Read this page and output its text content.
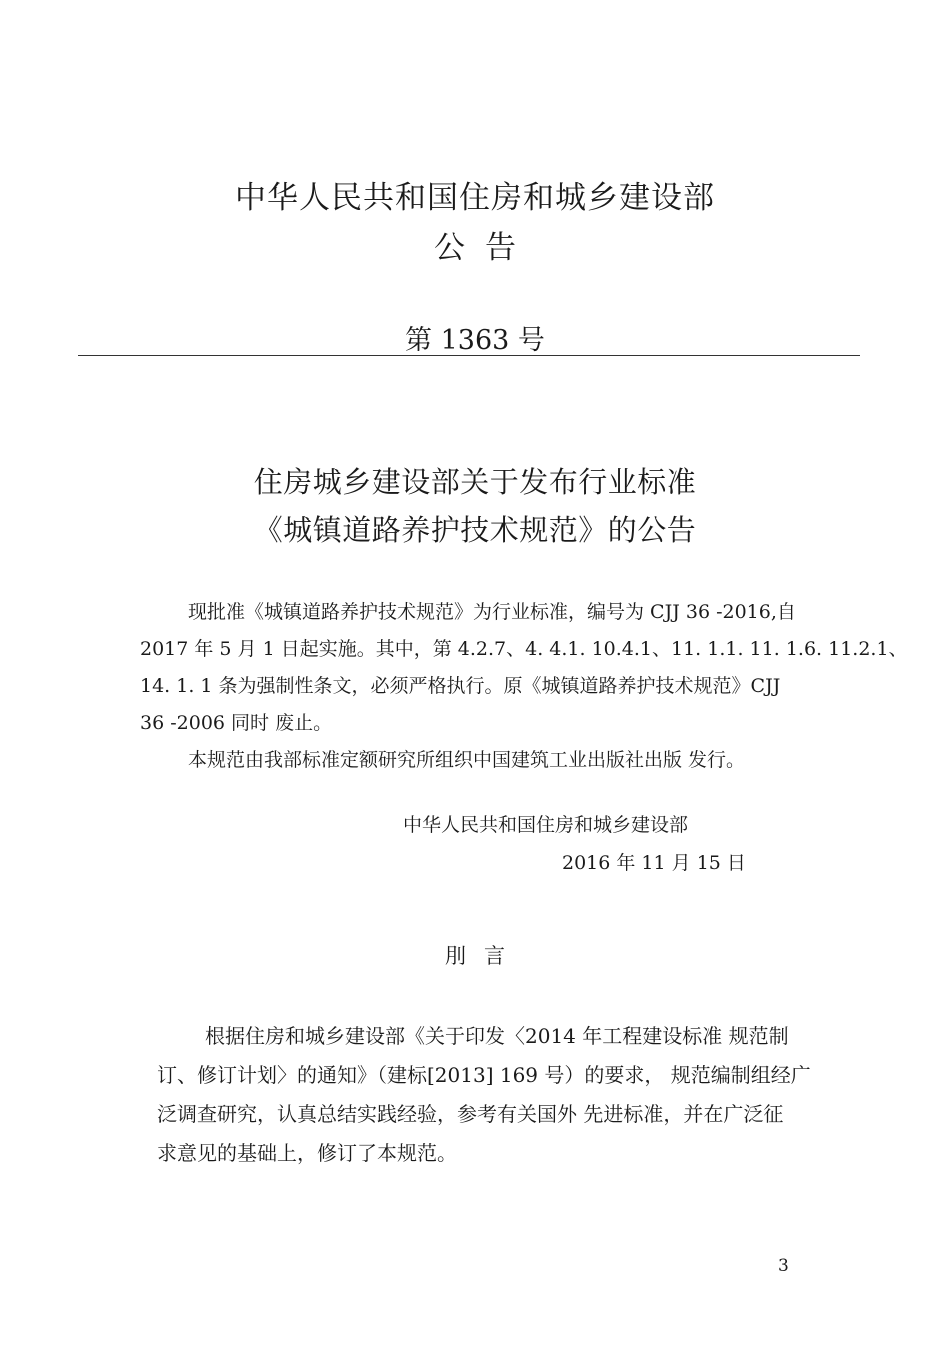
中华人民共和国住房和城乡建设部
公告
第 1363 号
住房城乡建设部关于发布行业标准
《城镇道路养护技术规范》的公告
现批准《城镇道路养护技术规范》为行业标准，编号为 CJJ 36 -2016,自
2017 年 5 月 1 日起实施。其中，第 4.2.7、4. 4.1. 10.4.1、11. 1.1. 11. 1.6. 11.2.1、
14. 1. 1 条为强制性条文，必须严格执行。原《城镇道路养护技术规范》CJJ
36 -2006 同时 废止。
本规范由我部标准定额研究所组织中国建筑工业出版社出版 发行。
中华人民共和国住房和城乡建设部
2016 年 11 月 15 日
刖言
根据住房和城乡建设部《关于印发〈2014 年工程建设标准 规范制
订、修订计划〉的通知》（建标[2013] 169 号）的要求， 规范编制组经广
泛调查研究，认真总结实践经验，参考有关国外 先进标准，并在广泛征
求意见的基础上，修订了本规范。
3
